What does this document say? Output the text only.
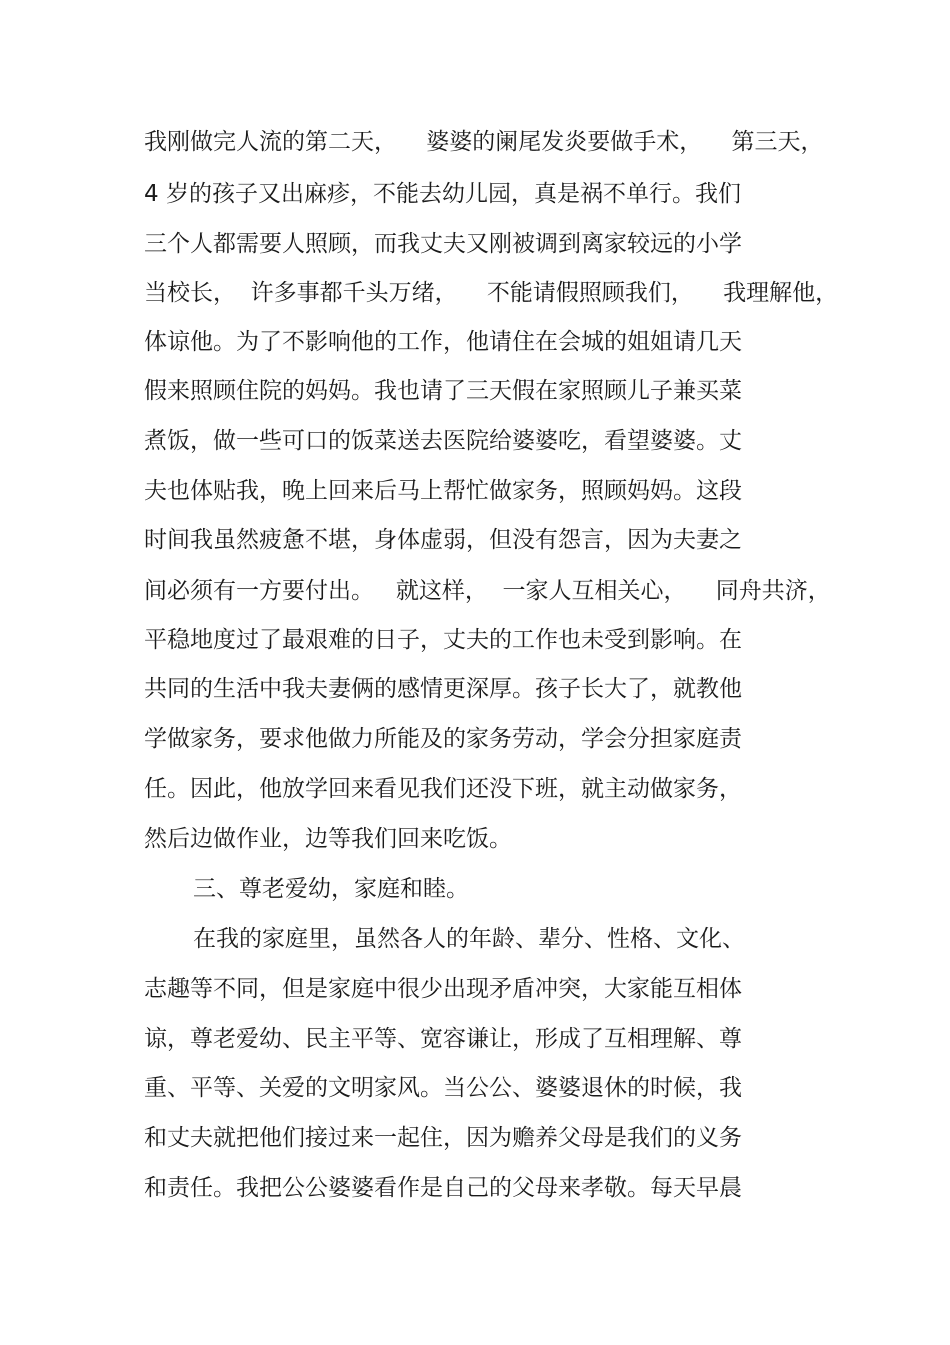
我刚做完人流的第二天，    婆婆的阑尾发炎要做手术，    第三天，
4 岁的孩子又出麻疹，不能去幼儿园，真是祸不单行。我们
三个人都需要人照顾，而我丈夫又刚被调到离家较远的小学
当校长，  许多事都千头万绪，    不能请假照顾我们，    我理解他，
体谅他。为了不影响他的工作，他请住在会城的姐姐请几天
假来照顾住院的妈妈。我也请了三天假在家照顾儿子兼买菜
煮饭，做一些可口的饭菜送去医院给婆婆吃，看望婆婆。丈
夫也体贴我，晚上回来后马上帮忙做家务，照顾妈妈。这段
时间我虽然疲惫不堪，身体虚弱，但没有怨言，因为夫妻之
间必须有一方要付出。   就这样，  一家人互相关心，    同舟共济，
平稳地度过了最艰难的日子，丈夫的工作也未受到影响。在
共同的生活中我夫妻俩的感情更深厚。孩子长大了，就教他
学做家务，要求他做力所能及的家务劳动，学会分担家庭责
任。因此，他放学回来看见我们还没下班，就主动做家务，
然后边做作业，边等我们回来吃饭。
三、尊老爱幼，家庭和睦。
在我的家庭里，虽然各人的年龄、辈分、性格、文化、
志趣等不同，但是家庭中很少出现矛盾冲突，大家能互相体
谅，尊老爱幼、民主平等、宽容谦让，形成了互相理解、尊
重、平等、关爱的文明家风。当公公、婆婆退休的时候，我
和丈夫就把他们接过来一起住，因为赡养父母是我们的义务
和责任。我把公公婆婆看作是自己的父母来孝敬。每天早晨
